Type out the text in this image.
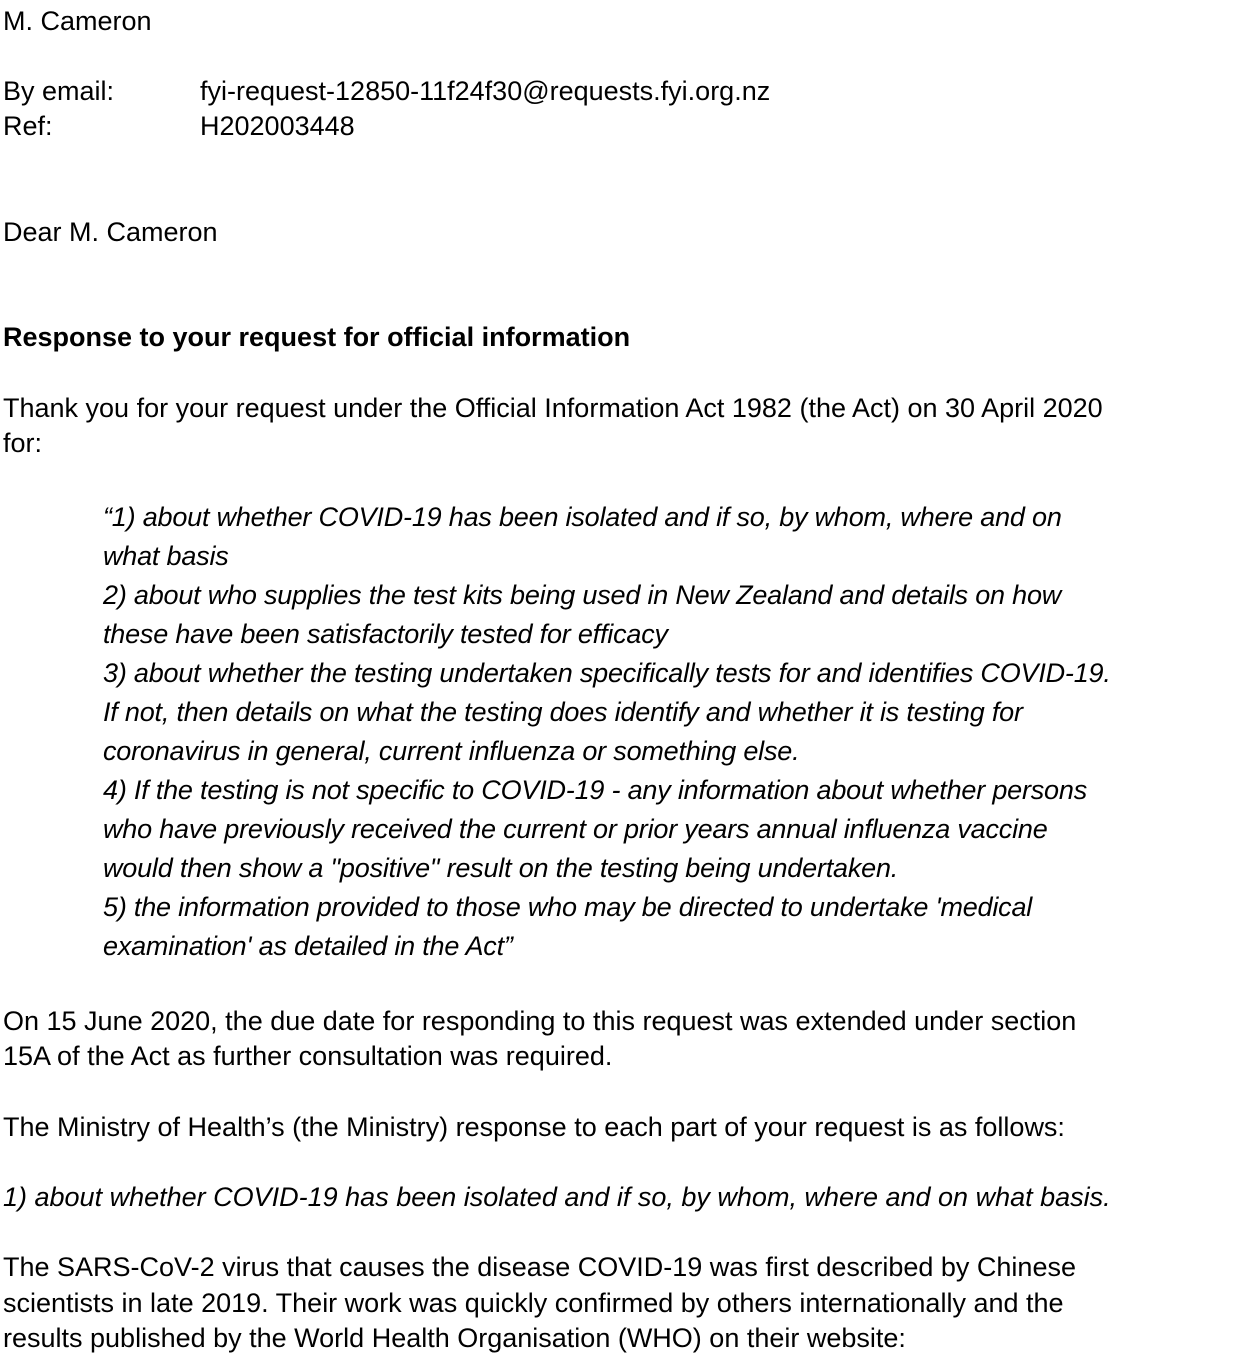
M. Cameron
By email:	fyi-request-12850-11f24f30@requests.fyi.org.nz
Ref:	H202003448
Dear M. Cameron
Response to your request for official information
Thank you for your request under the Official Information Act 1982 (the Act) on 30 April 2020
for:
“1) about whether COVID-19 has been isolated and if so, by whom, where and on
what basis
2) about who supplies the test kits being used in New Zealand and details on how
these have been satisfactorily tested for efficacy
3) about whether the testing undertaken specifically tests for and identifies COVID-19.
If not, then details on what the testing does identify and whether it is testing for
coronavirus in general, current influenza or something else.
4) If the testing is not specific to COVID-19 - any information about whether persons
who have previously received the current or prior years annual influenza vaccine
would then show a "positive" result on the testing being undertaken.
5) the information provided to those who may be directed to undertake 'medical
examination' as detailed in the Act”
On 15 June 2020, the due date for responding to this request was extended under section
15A of the Act as further consultation was required.
The Ministry of Health’s (the Ministry) response to each part of your request is as follows:
1) about whether COVID-19 has been isolated and if so, by whom, where and on what basis.
The SARS-CoV-2 virus that causes the disease COVID-19 was first described by Chinese
scientists in late 2019. Their work was quickly confirmed by others internationally and the
results published by the World Health Organisation (WHO) on their website:
